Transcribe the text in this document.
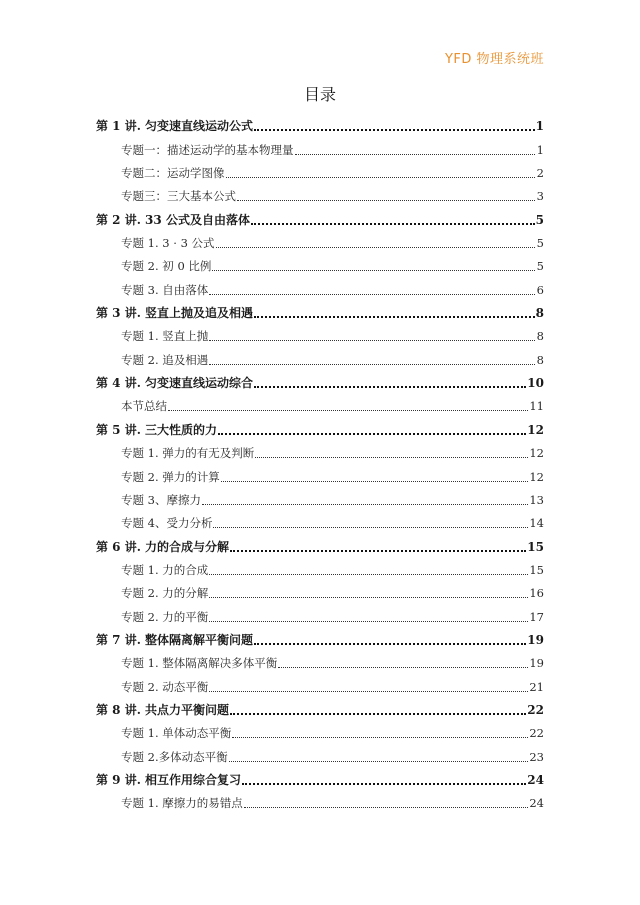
YFD 物理系统班
目录
第 1 讲. 匀变速直线运动公式	1
专题一：描述运动学的基本物理量	1
专题二：运动学图像	2
专题三：三大基本公式	3
第 2 讲. 33 公式及自由落体	5
专题 1. 3 · 3 公式	5
专题 2. 初 0 比例	5
专题 3. 自由落体	6
第 3 讲. 竖直上抛及追及相遇	8
专题 1. 竖直上抛	8
专题 2. 追及相遇	8
第 4 讲. 匀变速直线运动综合	10
本节总结	11
第 5 讲. 三大性质的力	12
专题 1. 弹力的有无及判断	12
专题 2. 弹力的计算	12
专题 3、摩擦力	13
专题 4、受力分析	14
第 6 讲. 力的合成与分解	15
专题 1. 力的合成	15
专题 2. 力的分解	16
专题 2. 力的平衡	17
第 7 讲. 整体隔离解平衡问题	19
专题 1. 整体隔离解决多体平衡	19
专题 2. 动态平衡	21
第 8 讲. 共点力平衡问题	22
专题 1. 单体动态平衡	22
专题 2.多体动态平衡	23
第 9 讲. 相互作用综合复习	24
专题 1. 摩擦力的易错点	24
